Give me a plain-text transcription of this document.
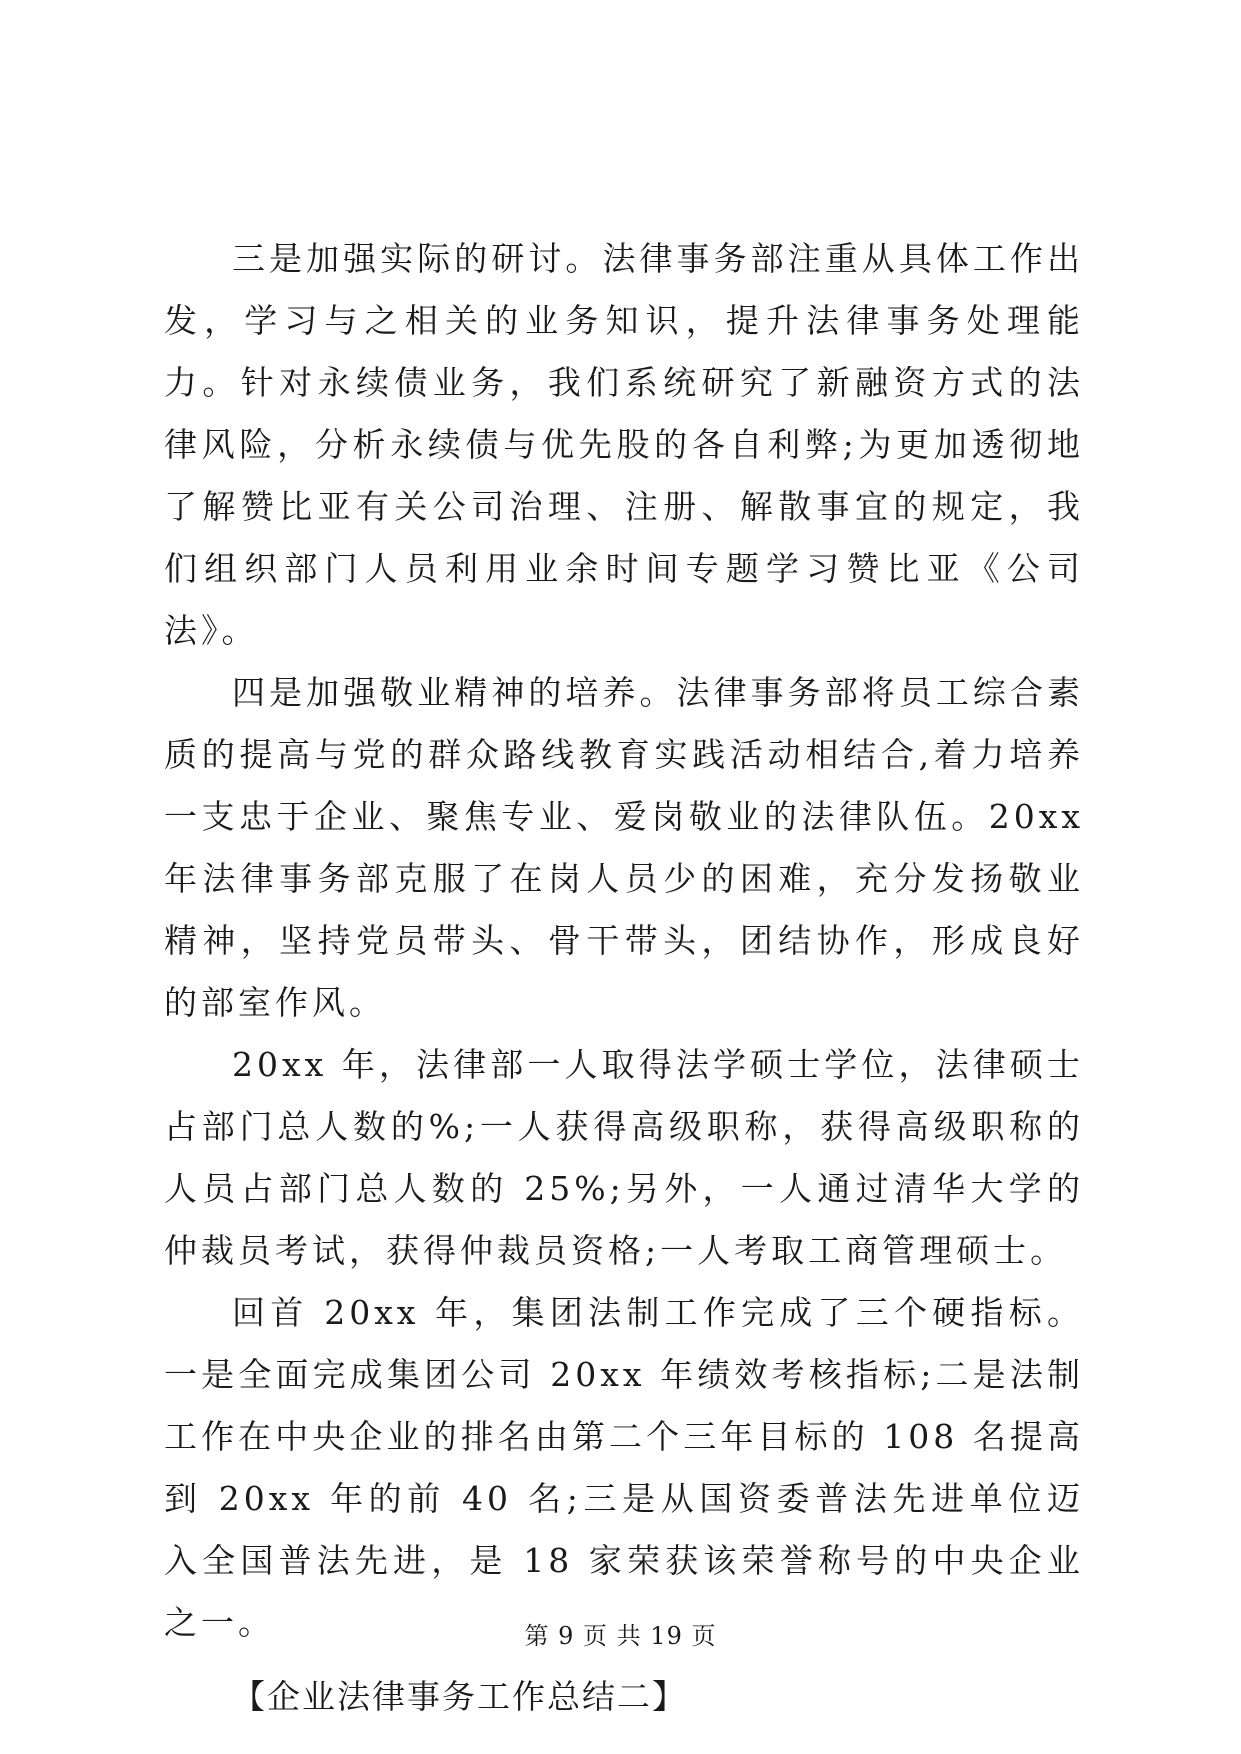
三是加强实际的研讨。法律事务部注重从具体工作出发，学习与之相关的业务知识，提升法律事务处理能力。针对永续债业务，我们系统研究了新融资方式的法律风险，分析永续债与优先股的各自利弊;为更加透彻地了解赞比亚有关公司治理、注册、解散事宜的规定，我们组织部门人员利用业余时间专题学习赞比亚《公司法》。

四是加强敬业精神的培养。法律事务部将员工综合素质的提高与党的群众路线教育实践活动相结合,着力培养一支忠于企业、聚焦专业、爱岗敬业的法律队伍。20xx 年法律事务部克服了在岗人员少的困难，充分发扬敬业精神，坚持党员带头、骨干带头，团结协作，形成良好的部室作风。

20xx 年，法律部一人取得法学硕士学位，法律硕士占部门总人数的%;一人获得高级职称，获得高级职称的人员占部门总人数的 25%;另外，一人通过清华大学的仲裁员考试，获得仲裁员资格;一人考取工商管理硕士。

回首 20xx 年，集团法制工作完成了三个硬指标。一是全面完成集团公司 20xx 年绩效考核指标;二是法制工作在中央企业的排名由第二个三年目标的 108 名提高到 20xx 年的前 40 名;三是从国资委普法先进单位迈入全国普法先进，是 18 家荣获该荣誉称号的中央企业之一。

【企业法律事务工作总结二】

第 9 页 共 19 页
